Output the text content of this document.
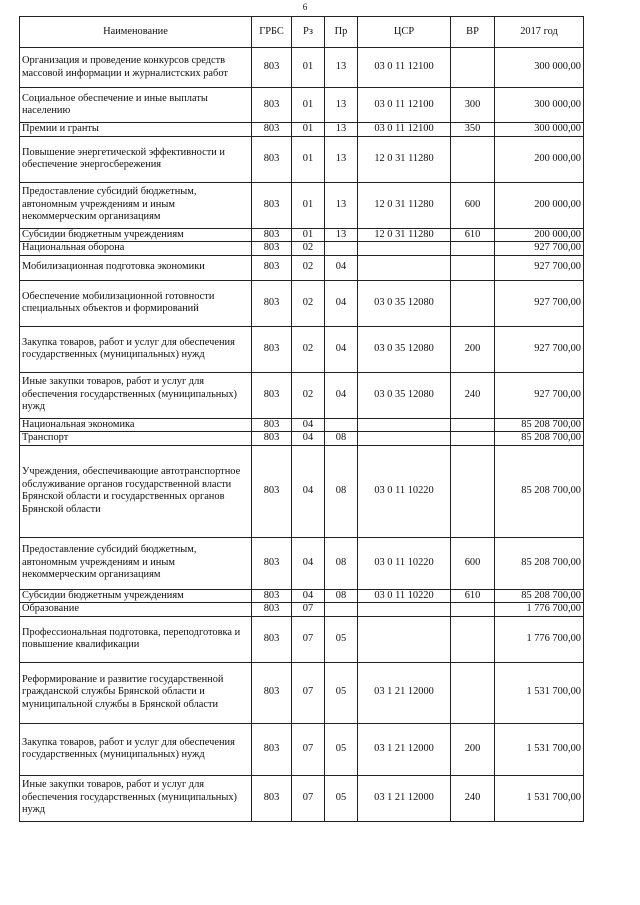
6
Наименование	ГРБС	Рз	Пр	ЦСР	ВР	2017 год
Организация и проведение конкурсов средств массовой информации и журналистских работ	803	01	13	03 0 11 12100		300 000,00
Социальное обеспечение и иные выплаты населению	803	01	13	03 0 11 12100	300	300 000,00
Премии и гранты	803	01	13	03 0 11 12100	350	300 000,00
Повышение энергетической эффективности и обеспечение энергосбережения	803	01	13	12 0 31 11280		200 000,00
Предоставление субсидий бюджетным, автономным учреждениям и иным некоммерческим организациям	803	01	13	12 0 31 11280	600	200 000,00
Субсидии бюджетным учреждениям	803	01	13	12 0 31 11280	610	200 000,00
Национальная оборона	803	02				927 700,00
Мобилизационная подготовка экономики	803	02	04			927 700,00
Обеспечение мобилизационной готовности специальных объектов и формирований	803	02	04	03 0 35 12080		927 700,00
Закупка товаров, работ и услуг для обеспечения государственных (муниципальных) нужд	803	02	04	03 0 35 12080	200	927 700,00
Иные закупки товаров, работ и услуг для обеспечения государственных (муниципальных) нужд	803	02	04	03 0 35 12080	240	927 700,00
Национальная экономика	803	04				85 208 700,00
Транспорт	803	04	08			85 208 700,00
Учреждения, обеспечивающие автотранспортное обслуживание органов государственной власти Брянской области и государственных органов Брянской области	803	04	08	03 0 11 10220		85 208 700,00
Предоставление субсидий бюджетным, автономным учреждениям и иным некоммерческим организациям	803	04	08	03 0 11 10220	600	85 208 700,00
Субсидии бюджетным учреждениям	803	04	08	03 0 11 10220	610	85 208 700,00
Образование	803	07				1 776 700,00
Профессиональная подготовка, переподготовка и повышение квалификации	803	07	05			1 776 700,00
Реформирование и развитие государственной гражданской службы Брянской области и муниципальной службы в Брянской области	803	07	05	03 1 21 12000		1 531 700,00
Закупка товаров, работ и услуг для обеспечения государственных (муниципальных) нужд	803	07	05	03 1 21 12000	200	1 531 700,00
Иные закупки товаров, работ и услуг для обеспечения государственных (муниципальных) нужд	803	07	05	03 1 21 12000	240	1 531 700,00
